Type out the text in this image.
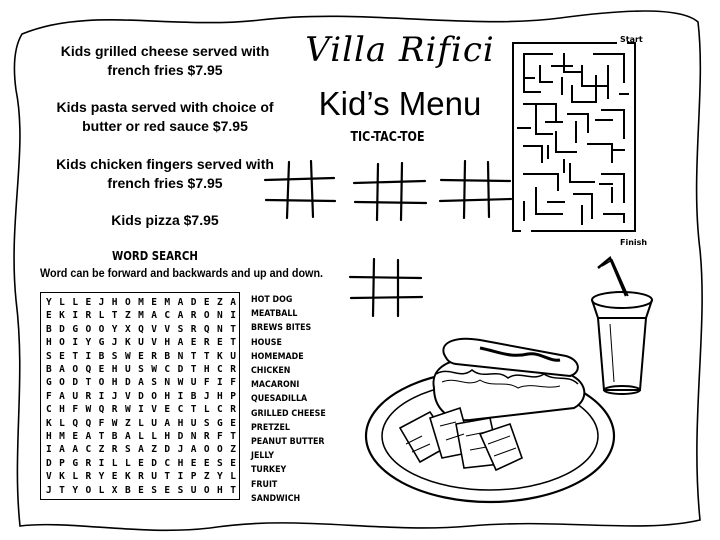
Kids grilled cheese served with
french fries $7.95
Kids pasta served with choice of
butter or red sauce $7.95
Kids chicken fingers served with
french fries $7.95
Kids pizza $7.95
Villa Rifici
Kid’s Menu
TIC-TAC-TOE
Start
Finish
WORD SEARCH
Word can be forward and backwards and up and down.
Y L L E J H O M E M A D E Z A
E K I R L T Z M A C A R O N I
B D G O O Y X Q V V S R Q N T
H O I Y G J K U V H A E R E T
S E T I B S W E R B N T T K U
B A O Q E H U S W C D T H C R
G O D T O H D A S N W U F I F
F A U R I J V D O H I B J H P
C H F W Q R W I V E C T L C R
K L Q Q F W Z L U A H U S G E
H M E A T B A L L H D N R F T
I A A C Z R S A Z D J A O O Z
D P G R I L L E D C H E E S E
V K L R Y E K R U T I P Z Y L
J T Y O L X B E S E S U O H T
HOT DOG
MEATBALL
BREWS BITES
HOUSE
HOMEMADE
CHICKEN
MACARONI
QUESADILLA
GRILLED CHEESE
PRETZEL
PEANUT BUTTER
JELLY
TURKEY
FRUIT
SANDWICH
